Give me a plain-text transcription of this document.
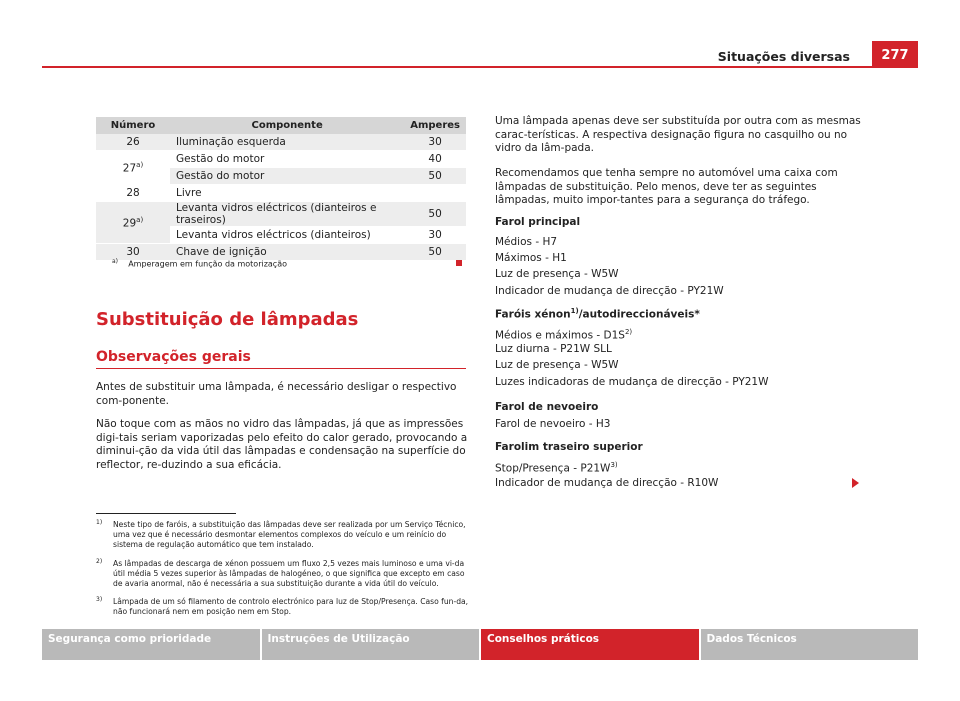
Situações diversas	277
Número	Componente	Amperes
26	Iluminação esquerda	30
27$^{a)}$	Gestão do motor	40
	Gestão do motor	50
28	Livre	
29$^{a)}$	Levanta vidros eléctricos (dianteiros e traseiros)	50
	Levanta vidros eléctricos (dianteiros)	30
30	Chave de ignição	50
$^{a)}$ Amperagem em função da motorização
Substituição de lâmpadas
Observações gerais

Antes de substituir uma lâmpada, é necessário desligar o respectivo com-ponente.

Não toque com as mãos no vidro das lâmpadas, já que as impressões digi-tais seriam vaporizadas pelo efeito do calor gerado, provocando a diminui-ção da vida útil das lâmpadas e condensação na superfície do reflector, re-duzindo a sua eficácia.

1) Neste tipo de faróis, a substituição das lâmpadas deve ser realizada por um Serviço Técnico, uma vez que é necessário desmontar elementos complexos do veículo e um reinício do sistema de regulação automático que tem instalado.
2) As lâmpadas de descarga de xénon possuem um fluxo 2,5 vezes mais luminoso e uma vi-da útil média 5 vezes superior às lâmpadas de halogéneo, o que significa que excepto em caso de avaria anormal, não é necessária a sua substituição durante a vida útil do veículo.
3) Lâmpada de um só filamento de controlo electrónico para luz de Stop/Presença. Caso fun-da, não funcionará nem em posição nem em Stop.

Uma lâmpada apenas deve ser substituída por outra com as mesmas carac-terísticas. A respectiva designação figura no casquilho ou no vidro da lâm-pada.

Recomendamos que tenha sempre no automóvel uma caixa com lâmpadas de substituição. Pelo menos, deve ter as seguintes lâmpadas, muito impor-tantes para a segurança do tráfego.

Farol principal
Médios - H7
Máximos - H1
Luz de presença - W5W
Indicador de mudança de direcção - PY21W
Faróis xénon$^{1)}$/autodireccionáveis*
Médios e máximos - $D1S^{2)}$
Luz diurna - P21W SLL
Luz de presença - W5W
Luzes indicadoras de mudança de direcção - PY21W
Farol de nevoeiro
Farol de nevoeiro - H3
Farolim traseiro superior
Stop/Presença - $P21W^{3)}$
Indicador de mudança de direcção - R10W
Segurança como prioridade	Instruções de Utilização	Conselhos práticos	Dados Técnicos
